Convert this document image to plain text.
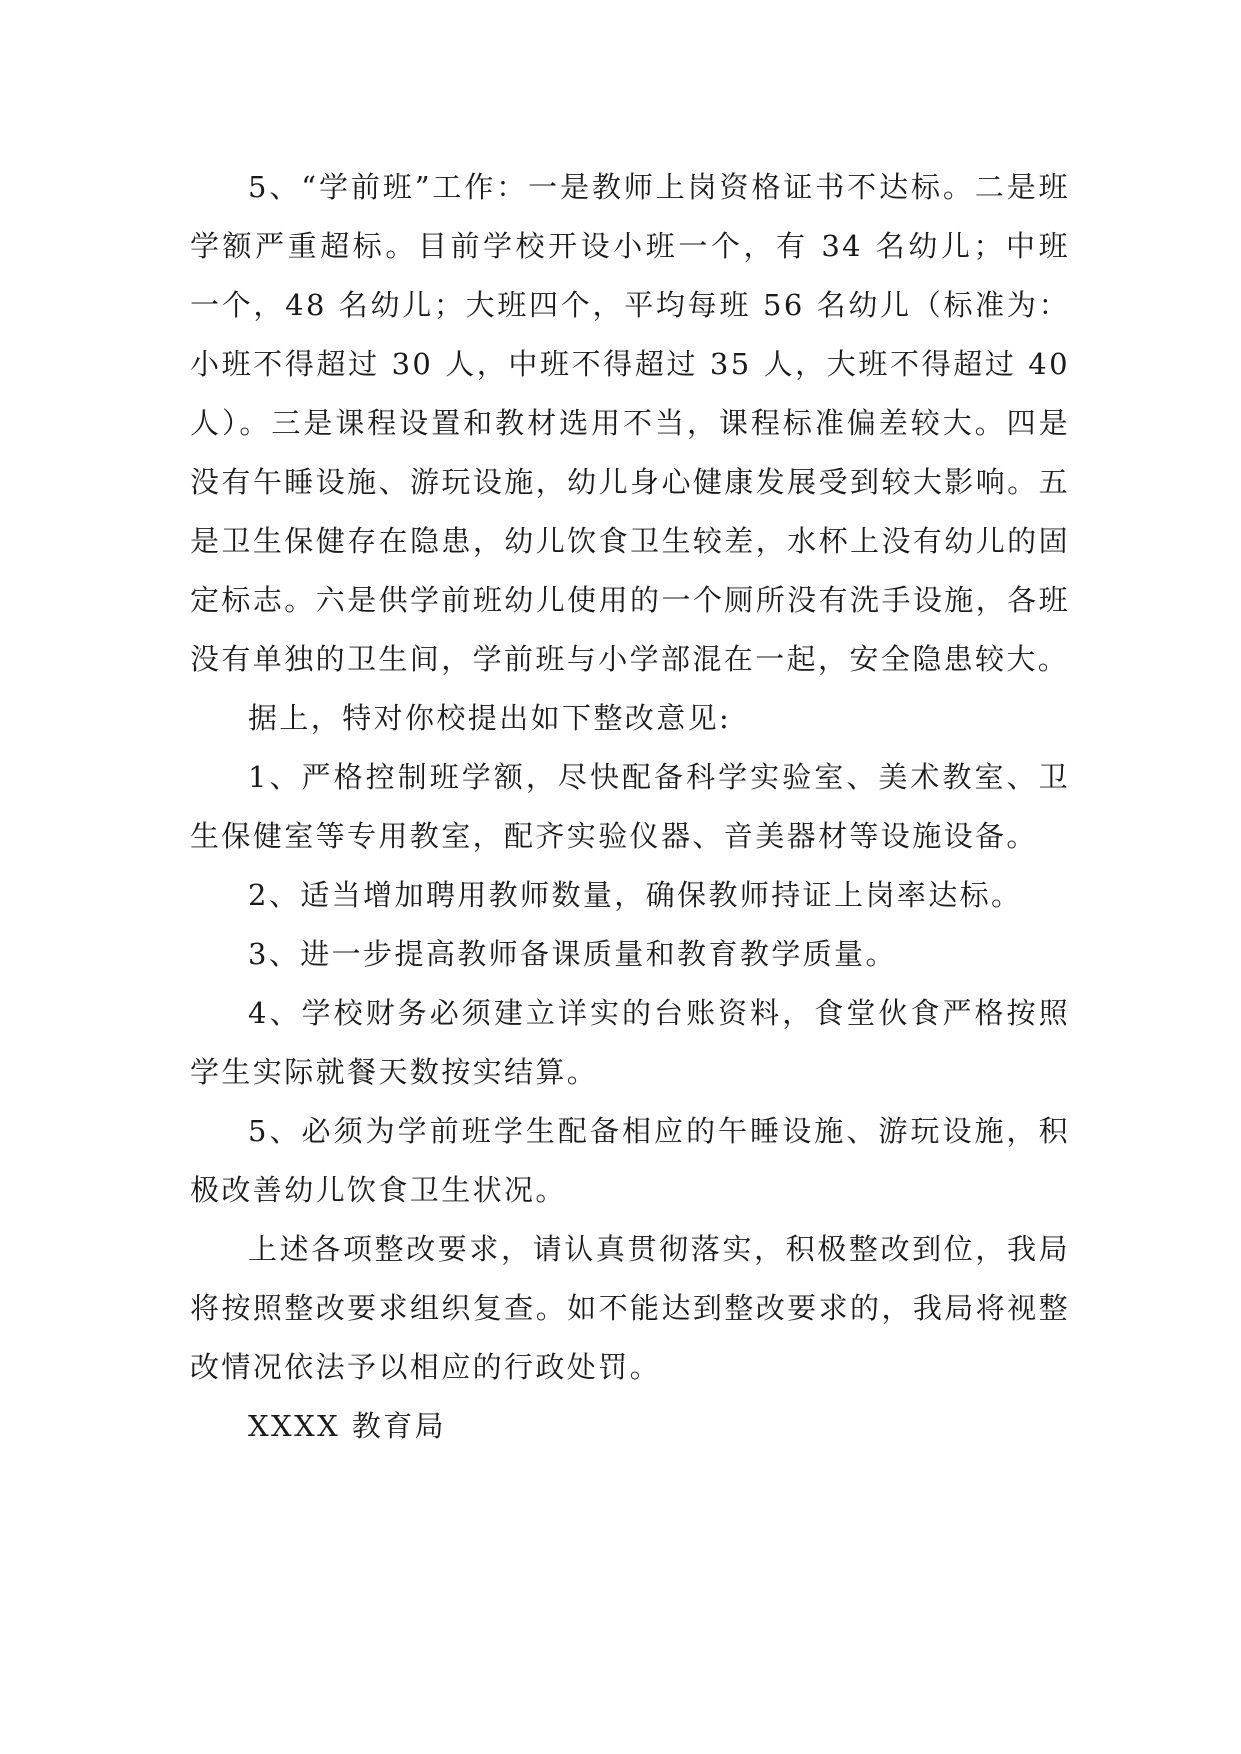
5、“学前班”工作：一是教师上岗资格证书不达标。二是班学额严重超标。目前学校开设小班一个，有 34 名幼儿；中班一个，48 名幼儿；大班四个，平均每班 56 名幼儿（标准为：小班不得超过 30 人，中班不得超过 35 人，大班不得超过 40 人）。三是课程设置和教材选用不当，课程标准偏差较大。四是没有午睡设施、游玩设施，幼儿身心健康发展受到较大影响。五是卫生保健存在隐患，幼儿饮食卫生较差，水杯上没有幼儿的固定标志。六是供学前班幼儿使用的一个厕所没有洗手设施，各班没有单独的卫生间，学前班与小学部混在一起，安全隐患较大。

据上，特对你校提出如下整改意见:

1、严格控制班学额，尽快配备科学实验室、美术教室、卫生保健室等专用教室，配齐实验仪器、音美器材等设施设备。

2、适当增加聘用教师数量，确保教师持证上岗率达标。

3、进一步提高教师备课质量和教育教学质量。

4、学校财务必须建立详实的台账资料，食堂伙食严格按照学生实际就餐天数按实结算。

5、必须为学前班学生配备相应的午睡设施、游玩设施，积极改善幼儿饮食卫生状况。

上述各项整改要求，请认真贯彻落实，积极整改到位，我局将按照整改要求组织复查。如不能达到整改要求的，我局将视整改情况依法予以相应的行政处罚。

XXXX 教育局
